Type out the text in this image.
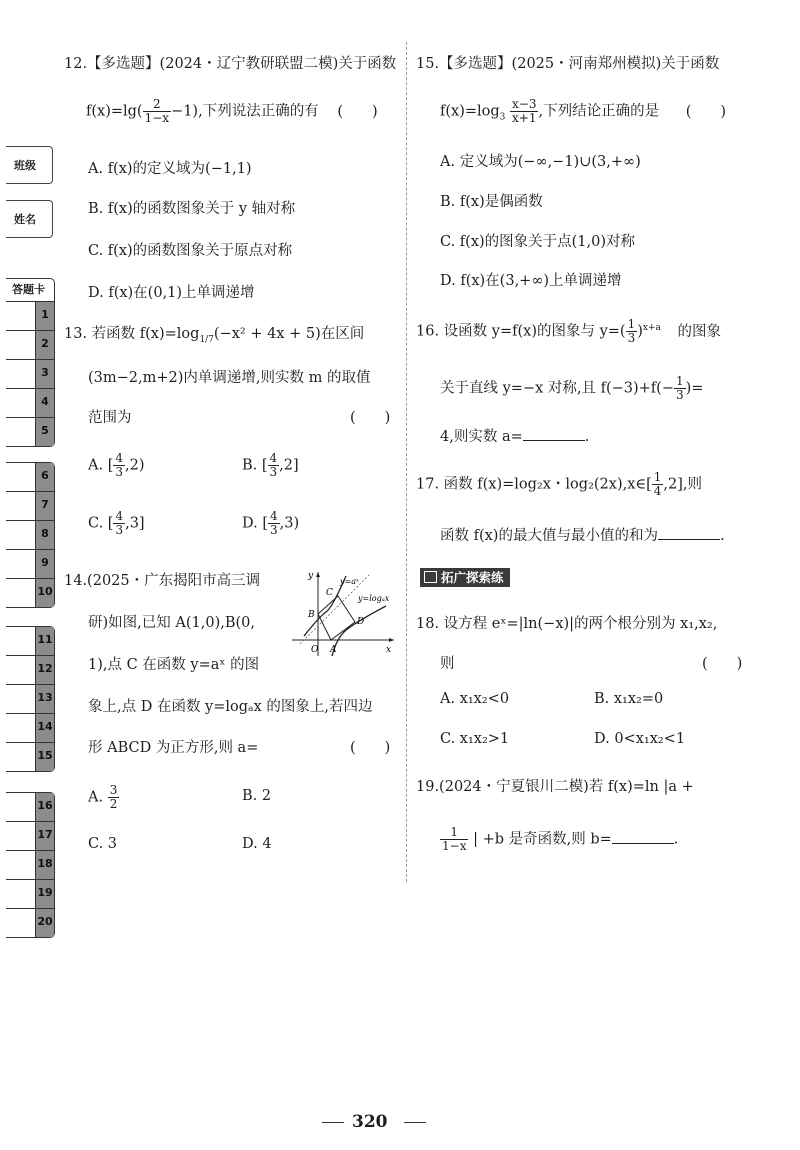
班级
姓名
答题卡
1
2
3
4
5
6
7
8
9
10
11
12
13
14
15
16
17
18
19
20
12.【多选题】(2024・辽宁教研联盟二模)关于函数
$f(x)=\lg( \frac{2}{1-x} -1)$,下列说法正确的有 (　　)
A. f(x)的定义域为(−1,1)
B. f(x)的函数图象关于 y 轴对称
C. f(x)的函数图象关于原点对称
D. f(x)在(0,1)上单调递增
13. 若函数 $f(x)=\log_{1/7}(-x^2 + 4x + 5)$在区间
(3m−2,m+2)内单调递增,则实数 m 的取值
范围为	(　　)
A. [ $\frac{4}{3} ,2$)	B. [ $\frac{4}{3} ,2$]
C. [ $\frac{4}{3} ,3$]	D. [ $\frac{4}{3} ,3$)
14.(2025・广东揭阳市高三调
研)如图,已知 A(1,0),B(0,
1),点 C 在函数 y=aˣ 的图
象上,点 D 在函数 y=logₐx 的图象上,若四边
形 ABCD 为正方形,则 a=	(　　)
y
x
y=aˣ
y=logₐx
C
B
O A
D
A. $\frac{3}{2}$	B. 2
C. 3	D. 4
15.【多选题】(2025・河南郑州模拟)关于函数
$f(x)=\log_3 \frac{x-3}{x+1}$ ,下列结论正确的是 (　　)
A. 定义域为(−∞,−1)∪(3,+∞)
B. f(x)是偶函数
C. f(x)的图象关于点(1,0)对称
D. f(x)在(3,+∞)上单调递增
16. 设函数 y=f(x)的图象与 $y=( \frac{1}{3} )^{x+a}$ 的图象
关于直线 y=−x 对称,且 $f(-3)+f(- \frac{1}{3}$ )=
4,则实数 a=	.
17. 函数 f(x)=log₂x・log₂(2x),x∈[ $\frac{1}{4} ,2$],则
函数 f(x)的最大值与最小值的和为	.
拓广探索练
18. 设方程 eˣ=|ln(−x)|的两个根分别为 x₁,x₂,
则	(　　)
A. x₁x₂<0	B. x₁x₂=0
C. x₁x₂>1	D. 0<x₁x₂<1
19.(2024・宁夏银川二模)若 f(x)=ln |a +
$\frac{1}{1-x}$ | +b 是奇函数,则 b=	.
320
